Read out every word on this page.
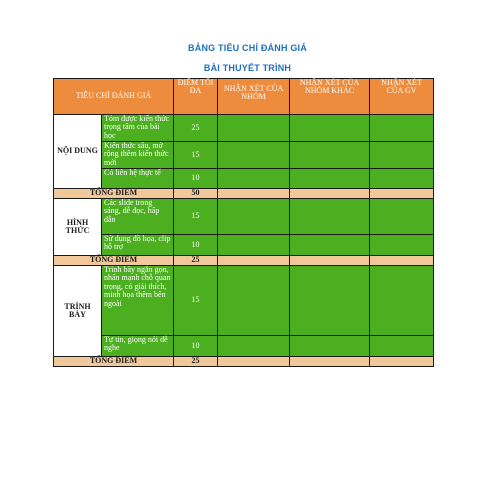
BẢNG TIÊU CHÍ ĐÁNH GIÁ
BÀI THUYẾT TRÌNH
TIÊU CHÍ ĐÁNH GIÁ		ĐIỂM TỐI ĐA	NHẬN XÉT CỦA NHÓM	NHẬN XÉT CỦA NHÓM KHÁC	NHẬN XÉT CỦA GV
NỘI DUNG	Tóm được kiến thức trọng tâm của bài học	25			
	Kiến thức sâu, mở rộng thêm kiến thức mới	15			
	Có liên hệ thực tế	10			
TỔNG ĐIỂM		50			
HÌNH THỨC	Các slide trong sáng, dễ đọc, hấp dẫn	15			
	Sử dụng đồ họa, clip hỗ trợ	10			
TỔNG ĐIỂM		25			
TRÌNH BÀY	Trình bày ngắn gọn, nhấn mạnh chỗ quan trọng, có giải thích, minh họa thêm bên ngoài	15			
	Tự tin, giọng nói dễ nghe	10			
TỔNG ĐIỂM		25			
